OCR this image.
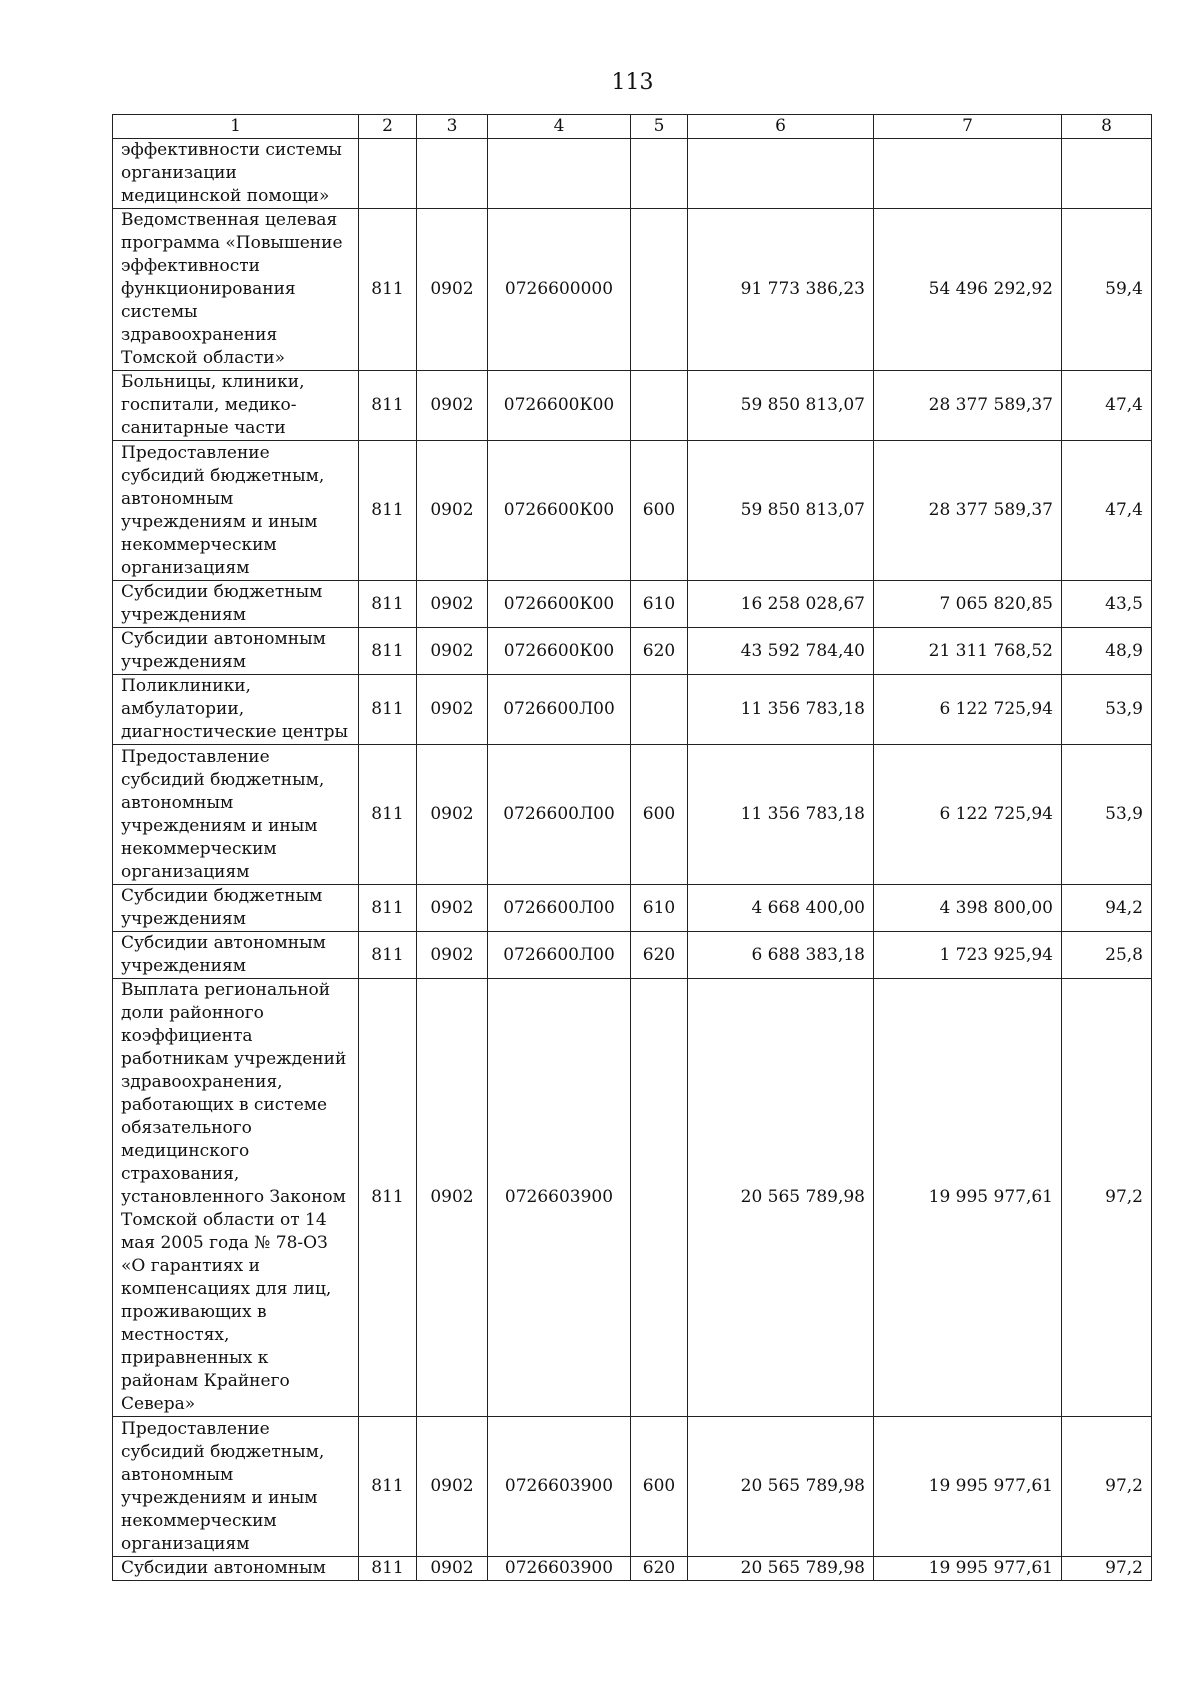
113
1	2	3	4	5	6	7	8
эффективности системы организации медицинской помощи»							
Ведомственная целевая программа «Повышение эффективности функционирования системы здравоохранения Томской области»	811	0902	0726600000		91 773 386,23	54 496 292,92	59,4
Больницы, клиники, госпитали, медико-санитарные части	811	0902	0726600К00		59 850 813,07	28 377 589,37	47,4
Предоставление субсидий бюджетным, автономным учреждениям и иным некоммерческим организациям	811	0902	0726600К00	600	59 850 813,07	28 377 589,37	47,4
Субсидии бюджетным учреждениям	811	0902	0726600К00	610	16 258 028,67	7 065 820,85	43,5
Субсидии автономным учреждениям	811	0902	0726600К00	620	43 592 784,40	21 311 768,52	48,9
Поликлиники, амбулатории, диагностические центры	811	0902	0726600Л00		11 356 783,18	6 122 725,94	53,9
Предоставление субсидий бюджетным, автономным учреждениям и иным некоммерческим организациям	811	0902	0726600Л00	600	11 356 783,18	6 122 725,94	53,9
Субсидии бюджетным учреждениям	811	0902	0726600Л00	610	4 668 400,00	4 398 800,00	94,2
Субсидии автономным учреждениям	811	0902	0726600Л00	620	6 688 383,18	1 723 925,94	25,8
Выплата региональной доли районного коэффициента работникам учреждений здравоохранения, работающих в системе обязательного медицинского страхования, установленного Законом Томской области от 14 мая 2005 года № 78-ОЗ «О гарантиях и компенсациях для лиц, проживающих в местностях, приравненных к районам Крайнего Севера»	811	0902	0726603900		20 565 789,98	19 995 977,61	97,2
Предоставление субсидий бюджетным, автономным учреждениям и иным некоммерческим организациям	811	0902	0726603900	600	20 565 789,98	19 995 977,61	97,2
Субсидии автономным	811	0902	0726603900	620	20 565 789,98	19 995 977,61	97,2
